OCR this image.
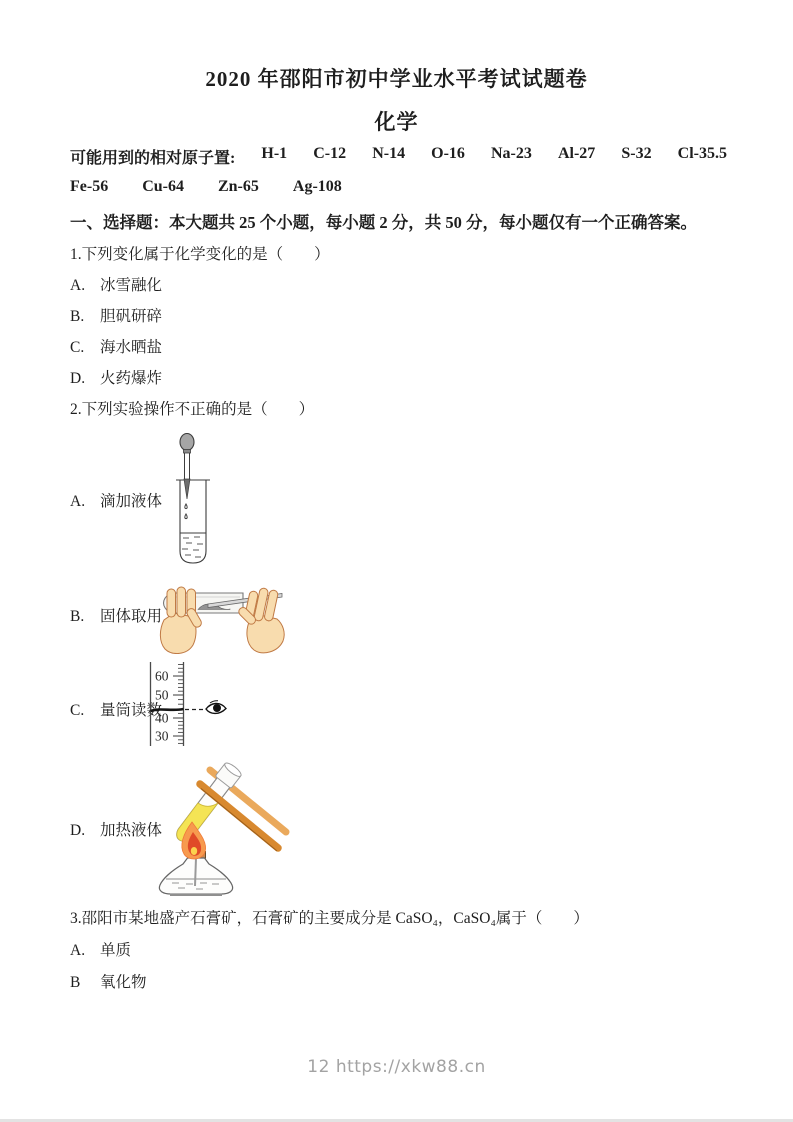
2020 年邵阳市初中学业水平考试试题卷
化学
可能用到的相对原子置: H-1 C-12 N-14 O-16 Na-23 Al-27 S-32 Cl-35.5
Fe-56 Cu-64 Zn-65 Ag-108
一、选择题：本大题共 25 个小题，每小题 2 分，共 50 分，每小题仅有一个正确答案。
1.下列变化属于化学变化的是（　　）
A. 冰雪融化
B. 胆矾研碎
C. 海水晒盐
D. 火药爆炸
2.下列实验操作不正确的是（　　）
A. 滴加液体
B. 固体取用
C. 量筒读数
60
50
40
30
D. 加热液体
3.邵阳市某地盛产石膏矿，石膏矿的主要成分是 CaSO₄，CaSO₄属于（　　）
A. 单质
B 氧化物
12 https://xkw88.cn
